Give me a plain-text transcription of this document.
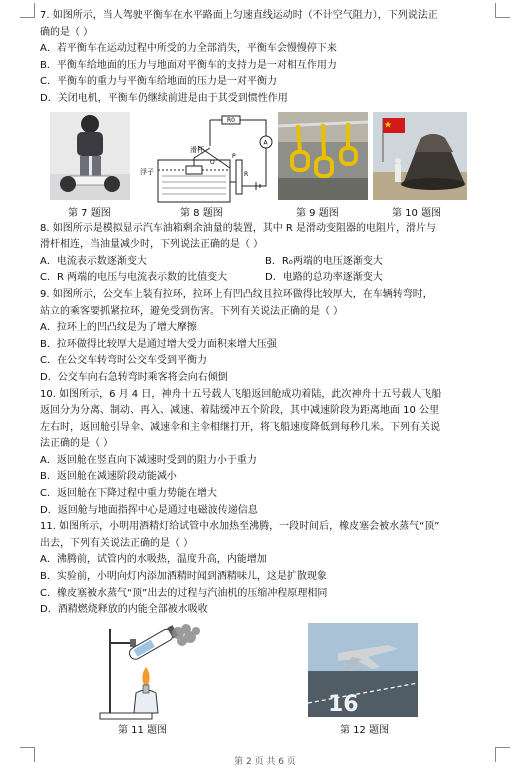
7. 如图所示，当人驾驶平衡车在水平路面上匀速直线运动时（不计空气阻力），下列说法正
确的是（ ）
A．若平衡车在运动过程中所受的力全部消失，平衡车会慢慢停下来
B．平衡车给地面的压力与地面对平衡车的支持力是一对相互作用力
C．平衡车的重力与平衡车给地面的压力是一对平衡力
D．关闭电机，平衡车仍继续前进是由于其受到惯性作用
滑杆
R0
A
O
P
R
浮子
第 7 题图	第 8 题图	第 9 题图	第 10 题图
8. 如图所示是模拟显示汽车油箱剩余油量的装置，其中 R 是滑动变阻器的电阻片，滑片与
滑杆相连，当油量减少时，下列说法正确的是（ ）
A．电流表示数逐渐变大	B．R₀两端的电压逐渐变大
C．R 两端的电压与电流表示数的比值变大	D．电路的总功率逐渐变大
9. 如图所示，公交车上装有拉环，拉环上有凹凸纹且拉环做得比较厚大，在车辆转弯时，
站立的乘客要抓紧拉环，避免受到伤害。下列有关说法正确的是（ ）
A．拉环上的凹凸纹是为了增大摩擦
B．拉环做得比较厚大是通过增大受力面积来增大压强
C．在公交车转弯时公交车受到平衡力
D．公交车向右急转弯时乘客将会向右倾倒
10. 如图所示，6 月 4 日，神舟十五号载人飞船返回舱成功着陆，此次神舟十五号载人飞船
返回分为分离、制动、再入、减速、着陆缓冲五个阶段，其中减速阶段为距离地面 10 公里
左右时，返回舱引导伞、减速伞和主伞相继打开，将飞船速度降低到每秒几米。下列有关说
法正确的是（ ）
A．返回舱在竖直向下减速时受到的阻力小于重力
B．返回舱在减速阶段动能减小
C．返回舱在下降过程中重力势能在增大
D．返回舱与地面指挥中心是通过电磁波传递信息
11. 如图所示，小明用酒精灯给试管中水加热至沸腾，一段时间后，橡皮塞会被水蒸气“顶”
出去，下列有关说法正确的是（ ）
A．沸腾前，试管内的水吸热，温度升高，内能增加
B．实验前，小明向灯内添加酒精时闻到酒精味儿，这是扩散现象
C．橡皮塞被水蒸气“顶”出去的过程与汽油机的压缩冲程原理相同
D．酒精燃烧释放的内能全部被水吸收
16
第 11 题图	第 12 题图
第 2 页 共 6 页
